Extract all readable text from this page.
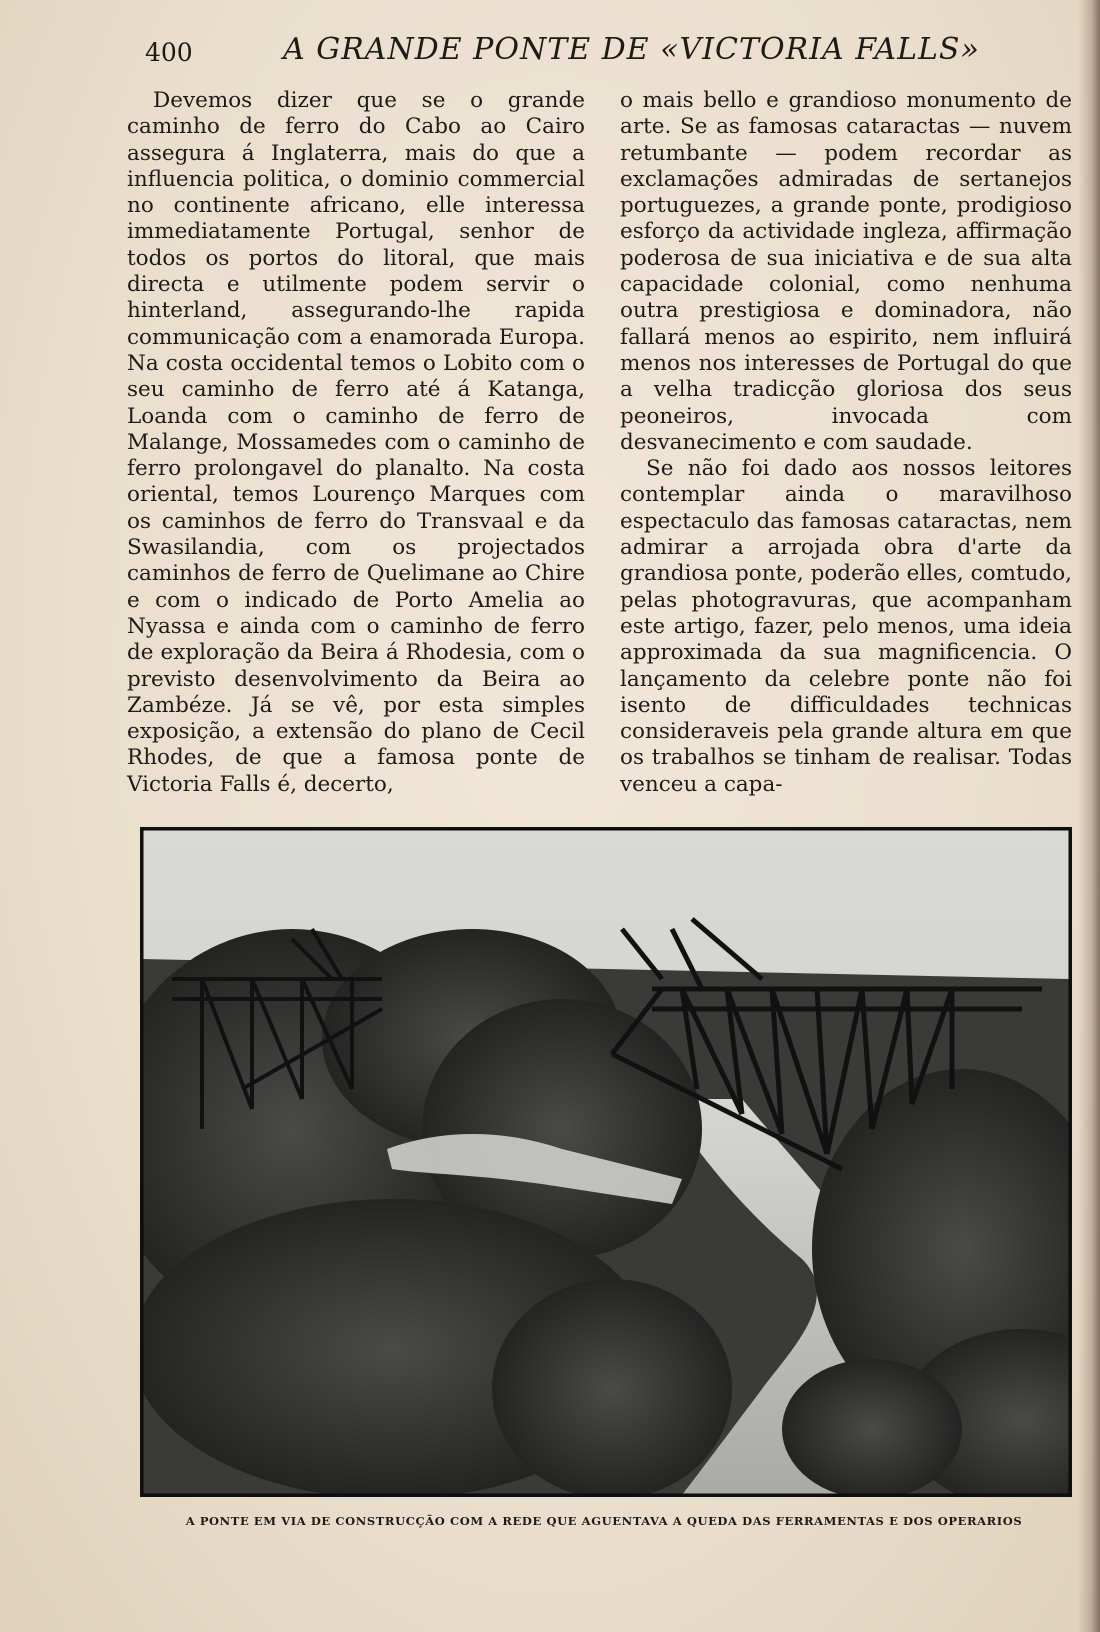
400	A GRANDE PONTE DE «VICTORIA FALLS»

Devemos dizer que se o grande caminho de ferro do Cabo ao Cairo assegura á Inglaterra, mais do que a influencia politica, o dominio commercial no continente africano, elle interessa immediatamente Portugal, senhor de todos os portos do litoral, que mais directa e utilmente podem servir o hinterland, assegurando-lhe rapida communicação com a enamorada Europa. Na costa occidental temos o Lobito com o seu caminho de ferro até á Katanga, Loanda com o caminho de ferro de Malange, Mossamedes com o caminho de ferro prolongavel do planalto. Na costa oriental, temos Lourenço Marques com os caminhos de ferro do Transvaal e da Swasilandia, com os projectados caminhos de ferro de Quelimane ao Chire e com o indicado de Porto Amelia ao Nyassa e ainda com o caminho de ferro de exploração da Beira á Rhodesia, com o previsto desenvolvimento da Beira ao Zambéze. Já se vê, por esta simples exposição, a extensão do plano de Cecil Rhodes, de que a famosa ponte de Victoria Falls é, decerto,

o mais bello e grandioso monumento de arte. Se as famosas cataractas — nuvem retumbante — podem recordar as exclamações admiradas de sertanejos portuguezes, a grande ponte, prodigioso esforço da actividade ingleza, affirmação poderosa de sua iniciativa e de sua alta capacidade colonial, como nenhuma outra prestigiosa e dominadora, não fallará menos ao espirito, nem influirá menos nos interesses de Portugal do que a velha tradicção gloriosa dos seus peoneiros, invocada com desvanecimento e com saudade.

Se não foi dado aos nossos leitores contemplar ainda o maravilhoso espectaculo das famosas cataractas, nem admirar a arrojada obra d'arte da grandiosa ponte, poderão elles, comtudo, pelas photogravuras, que acompanham este artigo, fazer, pelo menos, uma ideia approximada da sua magnificencia. O lançamento da celebre ponte não foi isento de difficuldades technicas consideraveis pela grande altura em que os trabalhos se tinham de realisar. Todas venceu a capa-

A PONTE EM VIA DE CONSTRUCÇÃO COM A REDE QUE AGUENTAVA A QUEDA DAS FERRAMENTAS E DOS OPERARIOS
